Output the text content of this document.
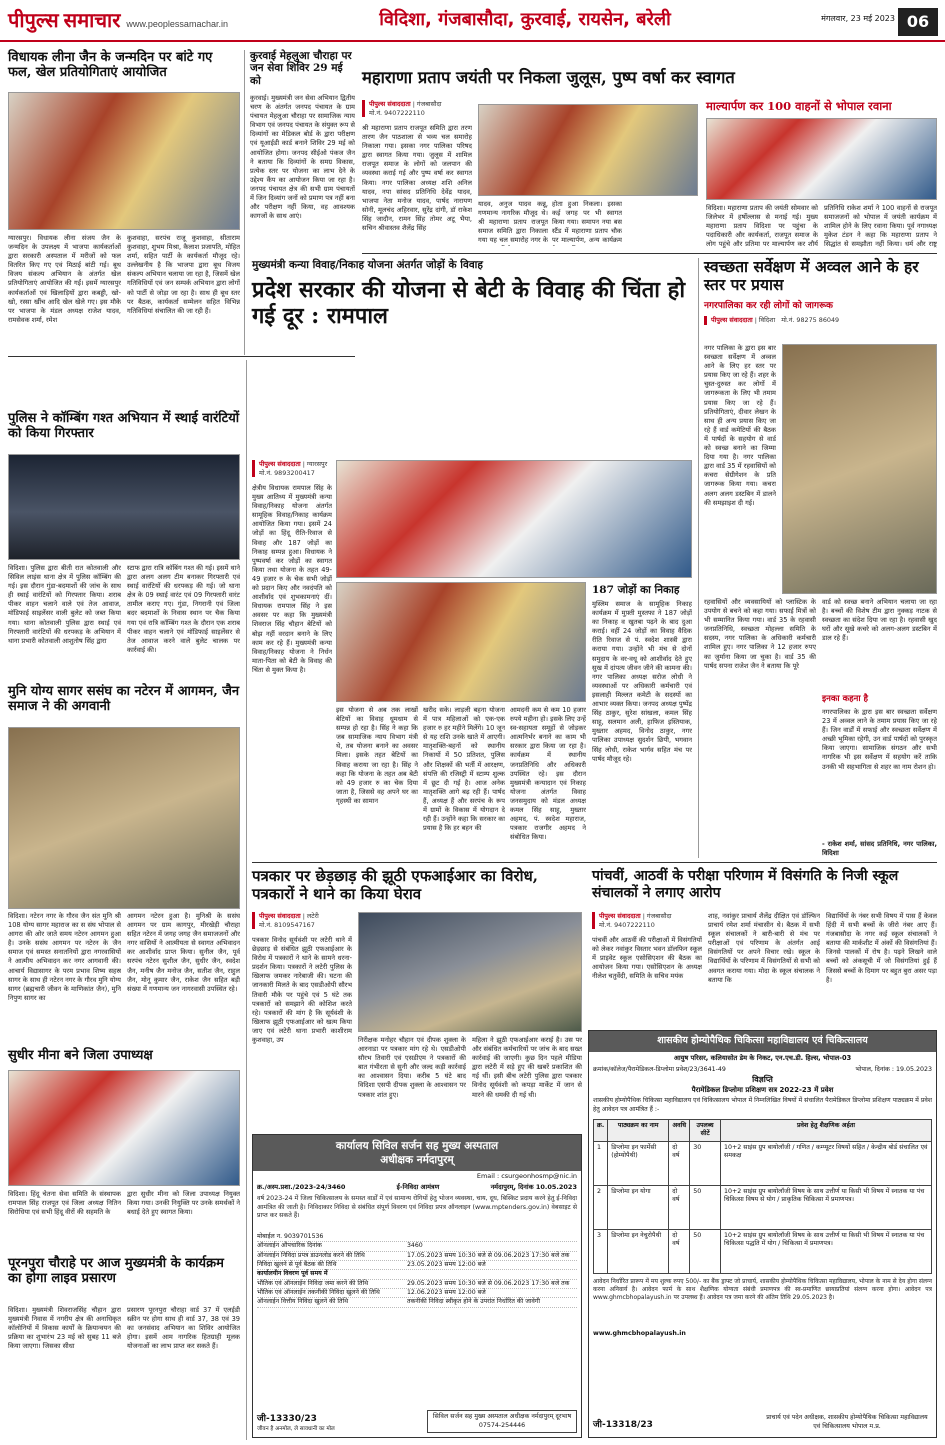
पीपुल्स समाचार www.peoplessamachar.in	विदिशा, गंजबासौदा, कुरवाई, रायसेन, बरेली	मंगलवार, 23 मई 2023 06
विधायक लीना जैन के जन्मदिन पर बांटे गए फल, खेल प्रतियोगिताएं आयोजित
ग्यारसपुर। विधायक लीना संजय जैन के जन्मदिन के उपलक्ष्य में भाजपा कार्यकर्ताओं द्वारा सरकारी अस्पताल में मरीजों को फल वितरित किए गए एवं मिठाई बांटी गई। बूथ विजय संकल्प अभियान के अंतर्गत खेल प्रतियोगिताएं आयोजित की गईं। इसमें ग्यारसपुर कार्यकर्ताओं एवं खिलाड़ियों द्वारा कबड्डी, खो-खो, रस्सा खींच आदि खेल खेले गए। इस मौके पर भाजपा के मंडल अध्यक्ष राजेश यादव, रामसेवक शर्मा, रमेश
कुशवाहा, सरपंच राजू कुशवाहा, सीताराम कुशवाहा, शुभम मिश्रा, कैलाश प्रजापति, मोहित शर्मा, सहित पार्टी के कार्यकर्ता मौजूद रहे। उल्लेखनीय है कि भाजपा द्वारा बूथ विजय संकल्प अभियान चलाया जा रहा है, जिसमें खेल गतिविधियों एवं जन सम्पर्क अभियान द्वारा लोगों को पार्टी से जोड़ा जा रहा है। साथ ही बूथ स्तर पर बैठक, कार्यकर्ता सम्मेलन सहित विभिन्न गतिविधियां संचालित की जा रही हैं।
कुरवाई मेहलुआ चौराहा पर जन सेवा शिविर 29 मई को
कुरवाई। मुख्यमंत्री जन सेवा अभियान द्वितीय चरण के अंतर्गत जनपद पंचायत के ग्राम पंचायत मेहलुआ चौराहा पर सामाजिक न्याय विभाग एवं जनपद पंचायत के संयुक्त रूप से दिव्यांगों का मेडिकल बोर्ड के द्वारा परीक्षण एवं यूआईडी कार्ड बनाने शिविर 29 मई को आयोजित होगा। जनपद सीईओ पंकज जैन ने बताया कि दिव्यांगों के समग्र विकास, प्रत्येक स्तर पर योजना का लाभ देने के उद्देश्य कैंप का आयोजन किया जा रहा है। जनपद पंचायत क्षेत्र की सभी ग्राम पंचायतों में जिन दिव्यांग जनों को प्रमाण पत्र नहीं बना और परीक्षण नहीं किया, वह आवश्यक कागजों के साथ आएं।
पुलिस ने कॉम्बिंग गश्त अभियान में स्थाई वारंटियों को किया गिरफ्तार
विदिशा। पुलिस द्वारा बीती रात कोतवाली और सिविल लाइंस थाना क्षेत्र में पुलिस कॉम्बिंग की गई। इस दौरान गुंडा-बदमाशों की जांच के साथ ही स्थाई वारंटियों को गिरफ्तार किया। शराब पीकर वाहन चलाने वाले एवं तेज आवाज, मॉडिफाई साइलेंसर वाली बुलेट को जब्त किया गया। थाना कोतवाली पुलिस द्वारा स्थाई एवं गिरफ्तारी वारंटियों की धरपकड़ के अभियान में थाना प्रभारी कोतवाली आशुतोष सिंह द्वारा
स्टाफ द्वारा रात्रि कॉबिंग गश्त की गई। इसमें थाने द्वारा अलग अलग टीम बनाकर गिरफ्तारी एवं स्थाई वारंटियों की धरपकड़ की गई। जो थाना क्षेत्र के 09 स्थाई वारंट एवं 09 गिरफ्तारी वारंट तामील कराए गए। गुंडा, निगरानी एवं जिला बदर बदमाशों के निवास स्थान पर चैक किया गया एवं रात्रि कॉम्बिंग गश्त के दौरान एक शराब पीकर वाहन चलाने एवं मॉडिफाई साइलेंसर से तेज आवाज करने वाले बुलेट चालक पर कार्रवाई की।
मुनि योग्य सागर ससंघ का नटेरन में आगमन, जैन समाज ने की अगवानी
विदिशा। नटेरन नगर के गौरव जैन संत मुनि श्री 108 योग्य सागर महाराज का स संघ भोपाल से आगरा की ओर जाते समय नटेरन आगमन हुआ है। उनके ससंघ आगमन पर नटेरन के जैन समाज एवं समस्त सनातनियों द्वारा नगरवासियों ने आत्मीय अभिवादन कर नगर आगवानी की। आचार्य विद्यासागर के परम प्रभाव शिष्य सहस्र सागर के साथ ही नटेरन नगर के गौरव मुनि योग्य सागर (ब्रह्मचारी जीवन के माणिकांत जैन), मुनि निपुण सागर का
आगमन नटेरन हुआ है। मुनिश्री के ससंघ आगमन पर ग्राम कागपुर, मीरखेड़ी चौराहा सहित नटेरन में जगह जगह जैन समाजजनों और नगर वासियों ने आत्मीयता से स्वागत अभिवादन कर आशीर्वाद प्राप्त किया। सुनील जैन, पूर्व सरपंच नटेरन सुशील जैन, सुधीर जैन, स्वदेश जैन, मनीष जैन मनोज जैन, सतीश जैन, राहुल जैन, मोनू कुमार जैन, राकेश जैन सहित बड़ी संख्या में गणमान्य जन नागरवासी उपस्थित रहे।
सुधीर मीना बने जिला उपाध्यक्ष
विदिशा। हिंदू चेतना सेवा समिति के संस्थापक रामपाल सिंह राजपूत एवं जिला अध्यक्ष नितिन सिरोधिया एवं सभी हिंदू वीरों की सहमति के
द्वारा सुधीर मीना को जिला उपाध्यक्ष नियुक्त किया गया। उनकी नियुक्ति पर उनके समर्थकों ने बधाई देते हुए स्वागत किया।
पूरनपुरा चौराहे पर आज मुख्यमंत्री के कार्यक्रम का होगा लाइव प्रसारण
विदिशा। मुख्यमंत्री शिवराजसिंह चौहान द्वारा मुख्यमंत्री निवास में नगरीय क्षेत्र की अनाधिकृत कॉलोनियों में विकास कार्यों के क्रियान्वयन की प्रक्रिया का शुभारंभ 23 मई को सुबह 11 बजे किया जाएगा। जिसका सीधा
प्रसारण पूरनपुरा चौराहा वार्ड 37 में एलईडी स्क्रीन पर होगा साथ ही वार्ड 37, 38 एवं 39 का जनसंवाद अभियान का शिविर आयोजित होगा। इसमें आम नागरिक हितग्राही मूलक योजनाओं का लाभ प्राप्त कर सकते हैं।
महाराणा प्रताप जयंती पर निकला जुलूस, पुष्प वर्षा कर स्वागत
पीपुल्स संवाददाता | गंजबासौदा
मो.नं. 9407222110
श्री महाराणा प्रताप राजपूत समिति द्वारा तरण तारण जैन पाठशाला से भव्य चल समारोह निकाला गया। इसका नगर पालिका परिषद द्वारा स्वागत किया गया। जुलूस में शामिल राजपूत समाज के लोगों को जलपान की व्यवस्था कराई गई और पुष्प वर्षा कर स्वागत किया। नगर पालिका अध्यक्ष शशि अनिल यादव, नपा सांसद प्रतिनिधि देवेंद्र यादव, भाजपा नेता मनोज यादव, पार्षद नारायण सोनी, मूलचंद अहिरवार, सुरेंद्र दांगी, डॉ राकेश सिंह जादौन, रामन सिंह तोमर अटू भैया, सचिन श्रीवास्तव शैलेंद्र सिंह
यादव, अनुज यादव कन्नू, गणमान्य नागरिक मौजूद थे। श्री महाराणा प्रताप राजपूत समाज समिति द्वारा निकाला गया यह चल समारोह नगर के
होता हुआ निकला। इसका कई जगह पर भी स्वागत किया गया। समापन नया बस स्टैंड में महाराणा प्रताप चौक पर माल्यार्पण, अन्य कार्यक्रम
माल्यार्पण कर 100 वाहनों से भोपाल रवाना
विदिशा। महाराणा प्रताप की जयंती सोमवार को जिलेभर में हर्षोल्लास से मनाई गई। मुख्य महाराणा प्रताप विदिशा पर पहुंचा के पदाधिकारी और कार्यकर्ता, राजपूत समाज के लोग पहुंचे और प्रतिमा पर माल्यार्पण कर शौर्य
प्रतिनिधि राकेश शर्मा ने 100 वाहनों से राजपूत समाजजनों को भोपाल में जयंती कार्यक्रम में शामिल होने के लिए रवाना किया। पूर्व नगाध्यक्ष मुकेश टंडन ने कहा कि महाराणा प्रताप ने सिद्धांत से समझौता नहीं किया। धर्म और राष्ट्र
मुख्यमंत्री कन्या विवाह/निकाह योजना अंतर्गत जोड़ों के विवाह
प्रदेश सरकार की योजना से बेटी के विवाह की चिंता हो गई दूर : रामपाल
पीपुल्स संवाददाता | ग्यारसपुर
मो.नं. 9893200417
क्षेत्रीय विधायक रामपाल सिंह के मुख्य आतिथ्य में मुख्यमंत्री कन्या विवाह/निकाह योजना अंतर्गत सामूहिक विवाह/निकाह कार्यक्रम आयोजित किया गया। इसमें 24 जोड़ों का हिंदू रीति-रिवाज से विवाह और 187 जोड़ों का निकाह सम्पन्न हुआ। विधायक ने पुष्पवर्षा कर जोड़ों का स्वागत किया तथा योजना के तहत 49-49 हजार रु के चेक सभी जोड़ों को प्रदान किए और नवदंपति को आशीर्वाद एवं शुभकामनाएं दीं। विधायक रामपाल सिंह ने इस अवसर पर कहा कि मुख्यमंत्री शिवराज सिंह चौहान बेटियों को बोझ नहीं वरदान बनाने के लिए काम कर रहे हैं। मुख्यमंत्री कन्या विवाह/निकाह योजना ने निर्धन माता-पिता को बेटी के विवाह की चिंता से मुक्त किया है।
इस योजना से अब तक लाखों बेटियों का विवाह धूमधाम से सम्पन्न हो रहा है। सिंह ने कहा कि जब सामाजिक न्याय विभाग मंत्री थे, तब योजना बनाने का अवसर मिला। इसके तहत बेटियों का विवाह कराया जा रहा है। सिंह ने कहा कि योजना के तहत अब बेटी को 49 हजार रु का चेक दिया जाता है, जिससे वह अपने घर का गृहस्थी का सामान
खरीद सके। लाड़ली बहना योजना में पात्र महिलाओं को एक-एक हजार रु हर महीने मिलेंगे। 10 जून से यह राशि उनके खाते में आएगी। मातृशक्ति-बहनों को स्थानीय निकायों में 50 प्रतिशत, पुलिस और शिक्षकों की भर्ती में आरक्षण, संपत्ति की रजिस्ट्री में स्टाम्प शुल्क में छूट दी गई है। आज अनेक मातृशक्ति आगे बढ़ रही हैं। पार्षद हैं, अध्यक्ष हैं और सरपंच के रूप में ग्रामों के विकास में योगदान दे रही हैं। उन्होंने कहा कि सरकार का प्रयास है कि हर बहन की
आमदनी कम से कम 10 हजार रुपये महीना हो। इसके लिए उन्हें स्व-सहायता समूहों से जोड़कर आत्मनिर्भर बनाने का काम भी सरकार द्वारा किया जा रहा है। कार्यक्रम में स्थानीय जनप्रतिनिधि और अधिकारी उपस्थित रहे। इस दौरान मुख्यमंत्री कन्यादान एवं निकाह योजना अंतर्गत विवाह जनसमुदाय को मंडल अध्यक्ष कमल सिंह साहू, मुख्तार अहमद, पं. स्वदेश महाराज, पत्रकार राजगीर अहमद ने संबोधित किया।
187 जोड़ों का निकाह
मुस्लिम समाज के सामूहिक निकाह कार्यक्रम में मुफ़्ती मुस्तफा ने 187 जोड़ों का निकाह व खुतबा पढ़ने के बाद दुआ कराई। वहीं 24 जोड़ों का विवाह वैदिक रीति रिवाज से पं. स्वदेश शास्त्री द्वारा कराया गया। उन्होंने भी मंच से दोनों समुदाय के वर-वधू को आशीर्वाद देते हुए सुख में दांपत्य जीवन जीने की कामना की। नगर पालिका अध्यक्ष सरोज लोधी ने व्यवस्थाओं पर अधिकारी कर्मचारी एवं इसलाही मिल्लत कमेटी के सदस्यों का आभार व्यक्त किया। जनपद अध्यक्ष पुष्पेंद्र सिंह ठाकुर, सुरेश सांखला, कमल सिंह साहू, सलमान अली, हाफिज इस्तियाक, मुख्तार अहमद, विनोद ठाकुर, नगर पालिका उपाध्यक्ष सुदर्शन छिपी, भगवान सिंह लोधी, राकेश भार्गव सहित मंच पर पार्षद मौजूद रहे।
स्वच्छता सर्वेक्षण में अव्वल आने के हर स्तर पर प्रयास
नगरपालिका कर रही लोगों को जागरूक
पीपुल्स संवाददाता | विदिशा मो.नं. 98275 86049
नगर पालिका के द्वारा इस बार स्वच्छता सर्वेक्षण में अव्वल आने के लिए हर स्तर पर प्रयास किए जा रहे हैं। शहर के चुस्त-दुरुस्त कर लोगों में जागरूकता के लिए भी तमाम प्रयास किए जा रहे हैं। प्रतियोगिताएं, दीवार लेखन के साथ ही अन्य प्रयास किए जा रहे हैं वार्ड कमेटियों की बैठक में पार्षदों के सहयोग से वार्ड को स्वच्छ बनाने का जिम्मा दिया गया है। नगर पालिका द्वारा वार्ड 35 में रहवासियों को कचरा सेग्रीगेशन के प्रति जागरूक किया गया। कचरा अलग अलग डस्टबिन में डालने की समझाइश दी गई।
रहवासियों और व्यवसायियों को प्लास्टिक के उपयोग से बचने को कहा गया। सफाई मित्रों को भी सम्मानित किया गया। वार्ड 35 के रहवासी जनप्रतिनिधि, स्वच्छता मोहल्ला समिति के सदस्य, नगर पालिका के अधिकारी कर्मचारी शामिल हुए। नगर पालिका ने 12 हजार रुपए का जुर्माना किया जा चुका है। वार्ड 35 की पार्षद सपना राजेश जैन ने बताया कि पूरे
वार्ड को स्वच्छ बनाने अभियान चलाया जा रहा है। बच्चों की विशेष टीम द्वारा नुक्कड़ नाटक से स्वच्छता का संदेश दिया जा रहा है। रहवासी खुद घरों और सूखे कचरे को अलग-अलग डस्टबिन में डाल रहे हैं।
इनका कहना है
नगरपालिका के द्वारा इस बार स्वच्छता सर्वेक्षण 23 में अव्वल लाने के तमाम प्रयास किए जा रहे हैं। जिन वार्डों में सफाई और स्वच्छता सर्वेक्षण में अच्छी भूमिका रहेगी, उन वार्ड पार्षदों को पुरस्कृत किया जाएगा। सामाजिक संगठन और सभी नागरिक भी इस सर्वेक्षण में सहयोग करें ताकि उनकी भी सहभागिता से शहर का नाम रोशन हो।
- राकेश शर्मा, सांसद प्रतिनिधि, नगर पालिका, विदिशा
पत्रकार पर छेड़छाड़ की झूठी एफआईआर का विरोध, पत्रकारों ने थाने का किया घेराव
पीपुल्स संवाददाता | लटेरी
मो.नं. 8109547167
पत्रकार विनोद सूर्यवंशी पर लटेरी थाने में छेड़छाड़ से संबंधित झूठी एफआईआर के विरोध में पत्रकारों ने थाने के सामने धरना-प्रदर्शन किया। पत्रकारों ने लटेरी पुलिस के खिलाफ जमकर नारेबाजी की। घटना की जानकारी मिलते के बाद एसडीओपी सौरभ तिवारी मौके पर पहुंचे एवं 5 घंटे तक पत्रकारों को समझाने की कोशिश करते रहे। पत्रकारों की मांग है कि सूर्यवंशी के खिलाफ झूठी एफआईआर को खत्म किया जाए एवं लटेरी थाना प्रभारी काशीराम कुशवाहा, उप	निरीक्षक मनोहर चौहान एवं दीपक शुक्ला के आरनाडा पर पत्रकार मांग रहे थे। एसडीओपी सौरभ तिवारी एवं एसडीएम ने पत्रकारों की बात गंभीरता से सुनी और जल्द कड़ी कार्रवाई का आश्वासन दिया। करीब 5 घंटे बाद विदिशा एसपी दीपक शुक्ला के आश्वासन पर पत्रकार शांत हुए।
महिला ने झूठी एफआईआर कराई है। उस पर और संबंधित कर्मचारियों पर जांच के बाद सख्त कार्रवाई की जाएगी। कुछ दिन पहले मीडिया द्वारा लटेरी में सड़े हुए की खबरें प्रकाशित की गई थीं। इसी बीच लटेरी पुलिस द्वारा पत्रकार विनोद सूर्यवंशी को कपड़ा मार्केट में जान से मारने की धमकी दी गई थी।
पांचवीं, आठवीं के परीक्षा परिणाम में विसंगति के निजी स्कूल संचालकों ने लगाए आरोप
पीपुल्स संवाददाता | गंजबासौदा
मो.नं. 9407222110
पांचवीं और आठवीं की परीक्षाओं में विसंगतियों को लेकर नवांकुर विस्तार भवन डॉलफिन स्कूल में प्राइवेट स्कूल एसोसिएशन की बैठक का आयोजन किया गया। एसोसिएशन के अध्यक्ष नीलेश चतुर्वेदी, समिति के सचिव मयंक
शाह, नवांकुर प्राचार्य शैलेंद्र दीक्षित एवं डॉल्फिन प्राचार्य रमेश शर्मा मंचासीन थे। बैठक में सभी स्कूल संचालकों ने बारी-बारी से मंच पर परीक्षाओं एवं परिणाम के अंतर्गत आई विसंगतियों पर अपने विचार रखे। स्कूल के विद्यार्थियों के परिणाम में विसंगतियों से सभी को अवगत कराया गया। मोदा के स्कूल संचालक ने बताया कि
विद्यार्थियों के नंबर सभी विषय में पास हैं केवल हिंदी में सभी बच्चों के जीरो नंबर आए हैं। गंजबासौदा के नगर कई स्कूल संचालकों ने बताया की मार्कशीट में अंकों की विसंगतियां हैं। जिनसे पालकों में रोष है। पढ़ने लिखने वाले बच्चों को अंकसूची में जो विसंगतियां हुई हैं जिससे बच्चों के दिमाग पर बहुत बुरा असर पड़ा है।
कार्यालय सिविल सर्जन सह मुख्य अस्पताल
अधीक्षक नर्मदापुरम्
Email : csurgeonhosmp@nic.in
क्र./अस्प.प्रशा./2023-24/3460	ई-निविदा आमंत्रण	नर्मदापुरम्, दिनांक 10.05.2023
वर्ष 2023-24 में जिला चिकित्सालय के समस्त वार्डों में एवं सामान्य रोगियों हेतु भोजन व्यवस्था, चाय, दूध, बिस्किट प्रदाय करने हेतु ई-निविदा आमंत्रित की जाती है। निविदाकार निविदा से संबंधित संपूर्ण विवरण एवं निविदा प्रपत्र ऑनलाइन (www.mptenders.gov.in) वेबसाइट से प्राप्त कर सकते हैं।
मोबाईल न. 9039701536
ऑनलाईन औपचारिक दिनांक	3460
ऑनलाईन निविदा प्रपत्र डाउनलोड करने की तिथि	17.05.2023 समय 10:30 बजे से 09.06.2023 17:30 बजे तक
निविदा खुलने से पूर्व बैठक की तिथि	23.05.2023 समय 12:00 बजे
कार्यालयीन विवरण पूर्व समय में
भौतिक एवं ऑनलाईन निविदा जमा करने की तिथि	29.05.2023 समय 10:30 बजे से 09.06.2023 17:30 बजे तक
भौतिक एवं ऑनलाईन तकनीकी निविदा खुलने की तिथि	12.06.2023 समय 12:00 बजे
ऑनलाईन वित्तीय निविदा खुलने की तिथि	तकनीकी निविदा स्वीकृत होने के उपरांत निर्धारित की जावेगी
जी-13330/23
जीवन है अनमोल, ले सावधानी का मोल
सिविल सर्जन सह मुख्य अस्पताल अधीक्षक नर्मदापुरम् दूरभाष 07574-254446
शासकीय होम्योपैथिक चिकित्सा महाविद्यालय एवं चिकित्सालय
आयुष परिसर, कलियासोत डेम के निकट, एन.एच.डी. हिल्स, भोपाल-03
क्रमांक/कॉलेज/पैरामेडिकल-डिप्लोमा प्रवेश/23/3641-49	भोपाल, दिनांक : 19.05.2023
विज्ञप्ति
पैरामेडिकल डिप्लोमा प्रशिक्षण सत्र 2022-23 में प्रवेश
शासकीय होम्योपैथिक चिकित्सा महाविद्यालय एवं चिकित्सालय भोपाल में निम्नलिखित विषयों में संचालित पैरामेडिकल डिप्लोमा प्रशिक्षण पाठ्यक्रम में प्रवेश हेतु आवेदन पत्र आमंत्रित हैं :-
क्र.	पाठ्यक्रम का नाम	अवधि	उपलब्ध सीटें	प्रवेश हेतु शैक्षणिक अर्हता
1	डिप्लोमा इन फार्मेसी (होम्योपैथी)	दो वर्ष	30	10+2 साइंस ग्रुप बायोलॉजी / गणित / कम्प्यूटर विषयों सहित / केन्द्रीय बोर्ड संचालित एवं समकक्ष
2	डिप्लोमा इन योगा	दो वर्ष	50	10+2 साइंस ग्रुप बायोलॉजी विषय के साथ उत्तीर्ण या किसी भी विषय में स्नातक या पंच चिकित्सा विषय से योग / प्राकृतिक चिकित्सा में प्रमाणपत्र।
3	डिप्लोमा इन नेचुरोपैथी	दो वर्ष	50	10+2 साइंस ग्रुप बायोलॉजी विषय के साथ उत्तीर्ण या किसी भी विषय में स्नातक या पंच चिकित्सा पद्धति में योग / चिकित्सा में प्रमाणपत्र।
आवेदन निर्धारित प्रारूप में मय शुल्क रुपए 500/- का बैंक ड्राफ्ट जो प्राचार्य, शासकीय होम्योपैथिक चिकित्सा महाविद्यालय, भोपाल के नाम से देय होगा संलग्न करना अनिवार्य है। आवेदन फार्म के साथ शैक्षणिक योग्यता संबंधी प्रमाणपत्र की स्व-प्रमाणित छायाप्रतियां संलग्न करना होगा। आवेदन पत्र www.ghmcbhopalayush.in पर उपलब्ध हैं। आवेदन पत्र जमा करने की अंतिम तिथि 29.05.2023 है।
www.ghmcbhopalayush.in
जी-13318/23
प्राचार्य एवं पदेन अधीक्षक, शासकीय होम्योपैथिक चिकित्सा महाविद्यालय एवं चिकित्सालय भोपाल म.प्र.
